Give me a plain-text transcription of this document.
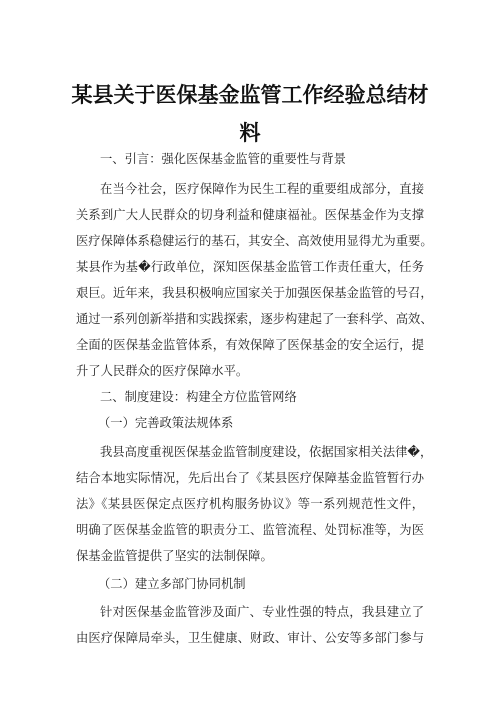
某县关于医保基金监管工作经验总结材
料
一、引言：强化医保基金监管的重要性与背景
在当今社会，医疗保障作为民生工程的重要组成部分，直接
关系到广大人民群众的切身利益和健康福祉。医保基金作为支撑
医疗保障体系稳健运行的基石，其安全、高效使用显得尤为重要。
某县作为基�行政单位，深知医保基金监管工作责任重大，任务
艰巨。近年来，我县积极响应国家关于加强医保基金监管的号召，
通过一系列创新举措和实践探索，逐步构建起了一套科学、高效、
全面的医保基金监管体系，有效保障了医保基金的安全运行，提
升了人民群众的医疗保障水平。
二、制度建设：构建全方位监管网络
（一）完善政策法规体系
我县高度重视医保基金监管制度建设，依据国家相关法律�，
结合本地实际情况，先后出台了《某县医疗保障基金监管暂行办
法》《某县医保定点医疗机构服务协议》等一系列规范性文件，
明确了医保基金监管的职责分工、监管流程、处罚标准等，为医
保基金监管提供了坚实的法制保障。
（二）建立多部门协同机制
针对医保基金监管涉及面广、专业性强的特点，我县建立了
由医疗保障局牵头，卫生健康、财政、审计、公安等多部门参与
